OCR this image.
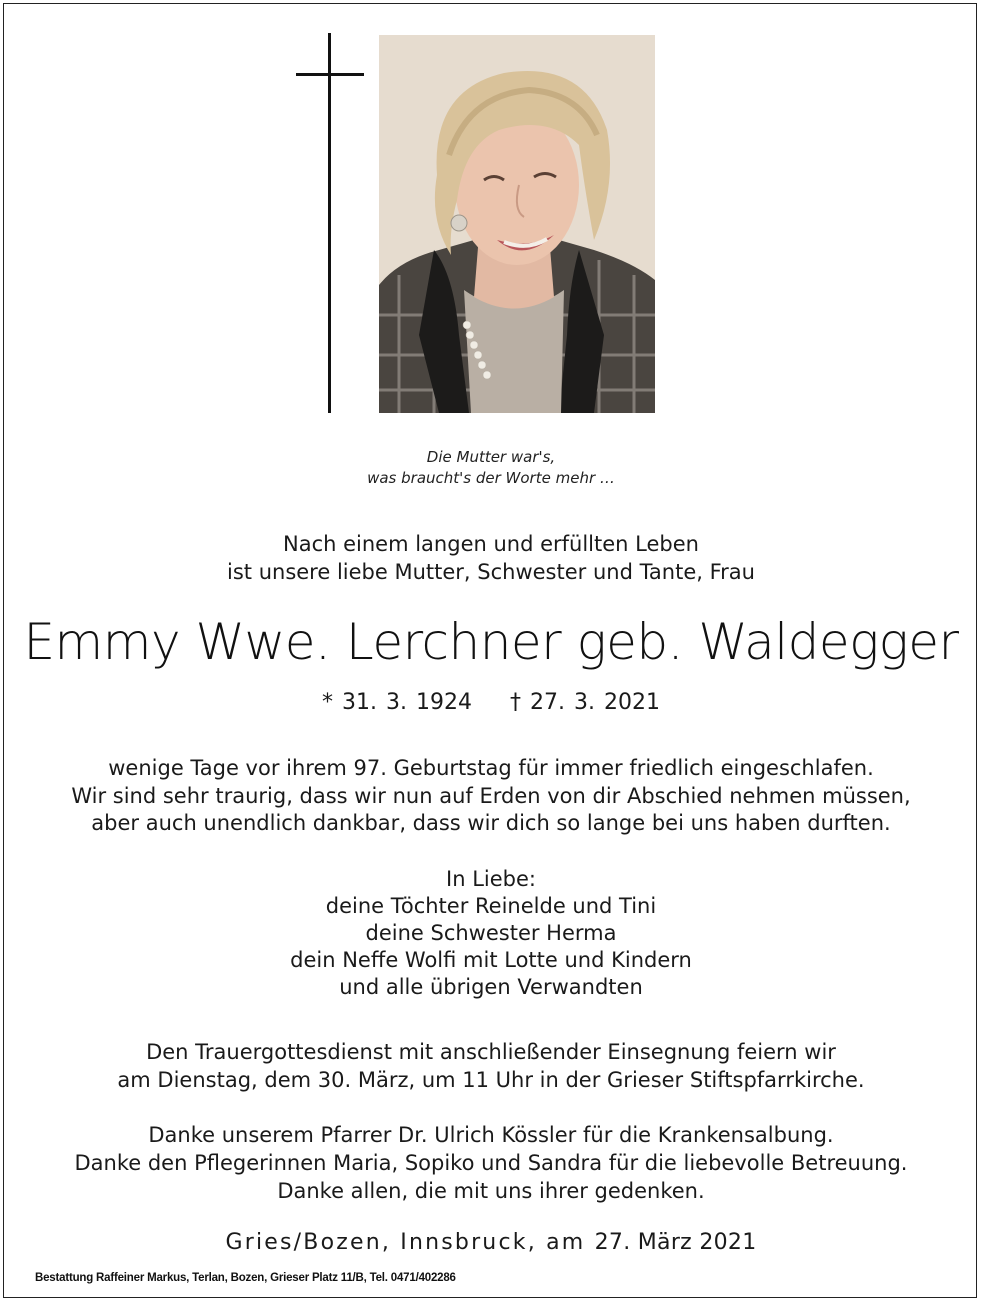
Die Mutter war's,
was braucht's der Worte mehr …
Nach einem langen und erfüllten Leben
ist unsere liebe Mutter, Schwester und Tante, Frau
Emmy Wwe. Lerchner geb. Waldegger
* 31. 3. 1924 † 27. 3. 2021
wenige Tage vor ihrem 97. Geburtstag für immer friedlich eingeschlafen.
Wir sind sehr traurig, dass wir nun auf Erden von dir Abschied nehmen müssen,
aber auch unendlich dankbar, dass wir dich so lange bei uns haben durften.
In Liebe:
deine Töchter Reinelde und Tini
deine Schwester Herma
dein Neffe Wolfi mit Lotte und Kindern
und alle übrigen Verwandten
Den Trauergottesdienst mit anschließender Einsegnung feiern wir
am Dienstag, dem 30. März, um 11 Uhr in der Grieser Stiftspfarrkirche.
Danke unserem Pfarrer Dr. Ulrich Kössler für die Krankensalbung.
Danke den Pflegerinnen Maria, Sopiko und Sandra für die liebevolle Betreuung.
Danke allen, die mit uns ihrer gedenken.
Gries/Bozen, Innsbruck, am 27. März 2021
Bestattung Raffeiner Markus, Terlan, Bozen, Grieser Platz 11/B, Tel. 0471/402286
